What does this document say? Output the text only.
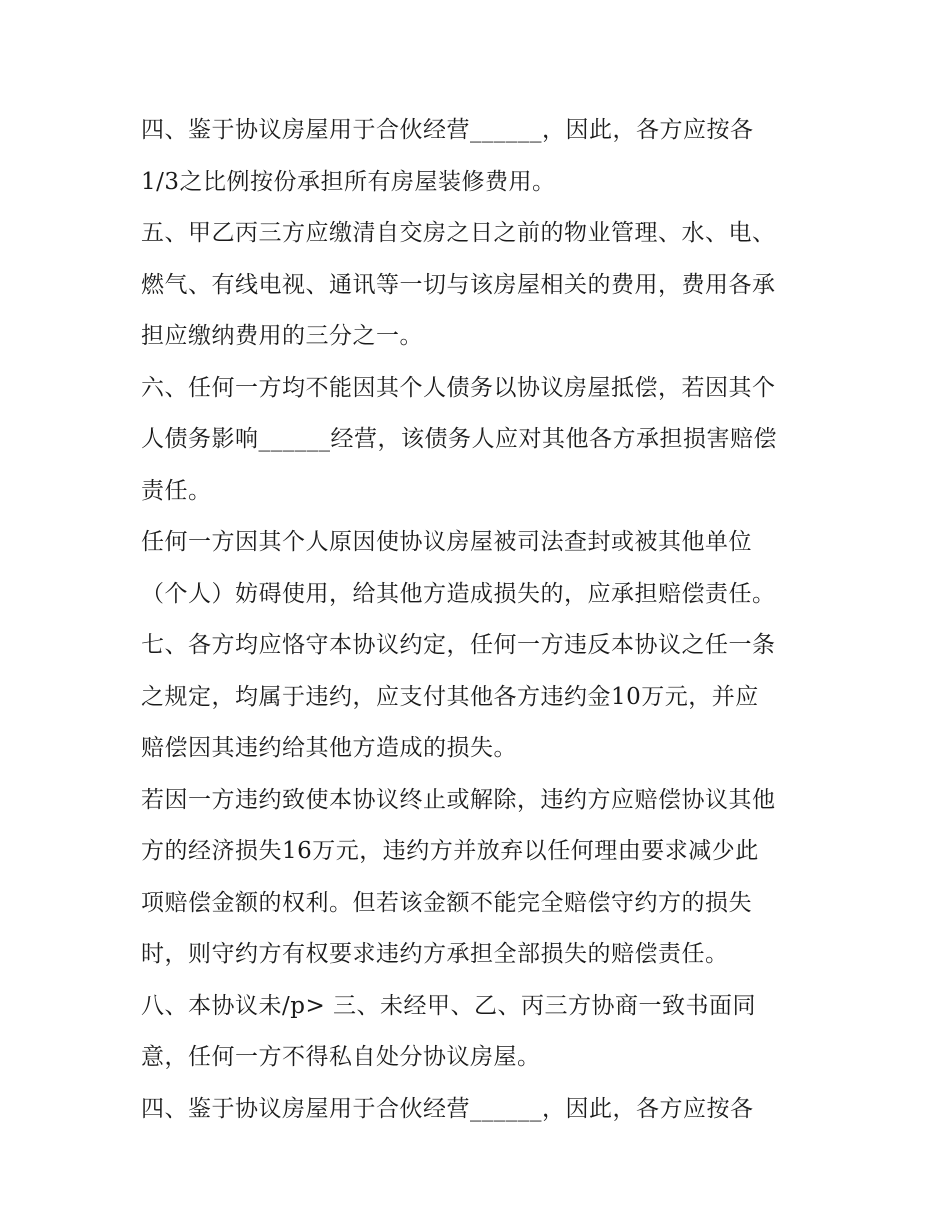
四、鉴于协议房屋用于合伙经营______，因此，各方应按各
1/3之比例按份承担所有房屋装修费用。
五、甲乙丙三方应缴清自交房之日之前的物业管理、水、电、
燃气、有线电视、通讯等一切与该房屋相关的费用，费用各承
担应缴纳费用的三分之一。
六、任何一方均不能因其个人债务以协议房屋抵偿，若因其个
人债务影响______经营，该债务人应对其他各方承担损害赔偿
责任。
任何一方因其个人原因使协议房屋被司法查封或被其他单位
（个人）妨碍使用，给其他方造成损失的，应承担赔偿责任。
七、各方均应恪守本协议约定，任何一方违反本协议之任一条
之规定，均属于违约，应支付其他各方违约金10万元，并应
赔偿因其违约给其他方造成的损失。
若因一方违约致使本协议终止或解除，违约方应赔偿协议其他
方的经济损失16万元，违约方并放弃以任何理由要求减少此
项赔偿金额的权利。但若该金额不能完全赔偿守约方的损失
时，则守约方有权要求违约方承担全部损失的赔偿责任。
八、本协议未/p> 三、未经甲、乙、丙三方协商一致书面同
意，任何一方不得私自处分协议房屋。
四、鉴于协议房屋用于合伙经营______，因此，各方应按各
